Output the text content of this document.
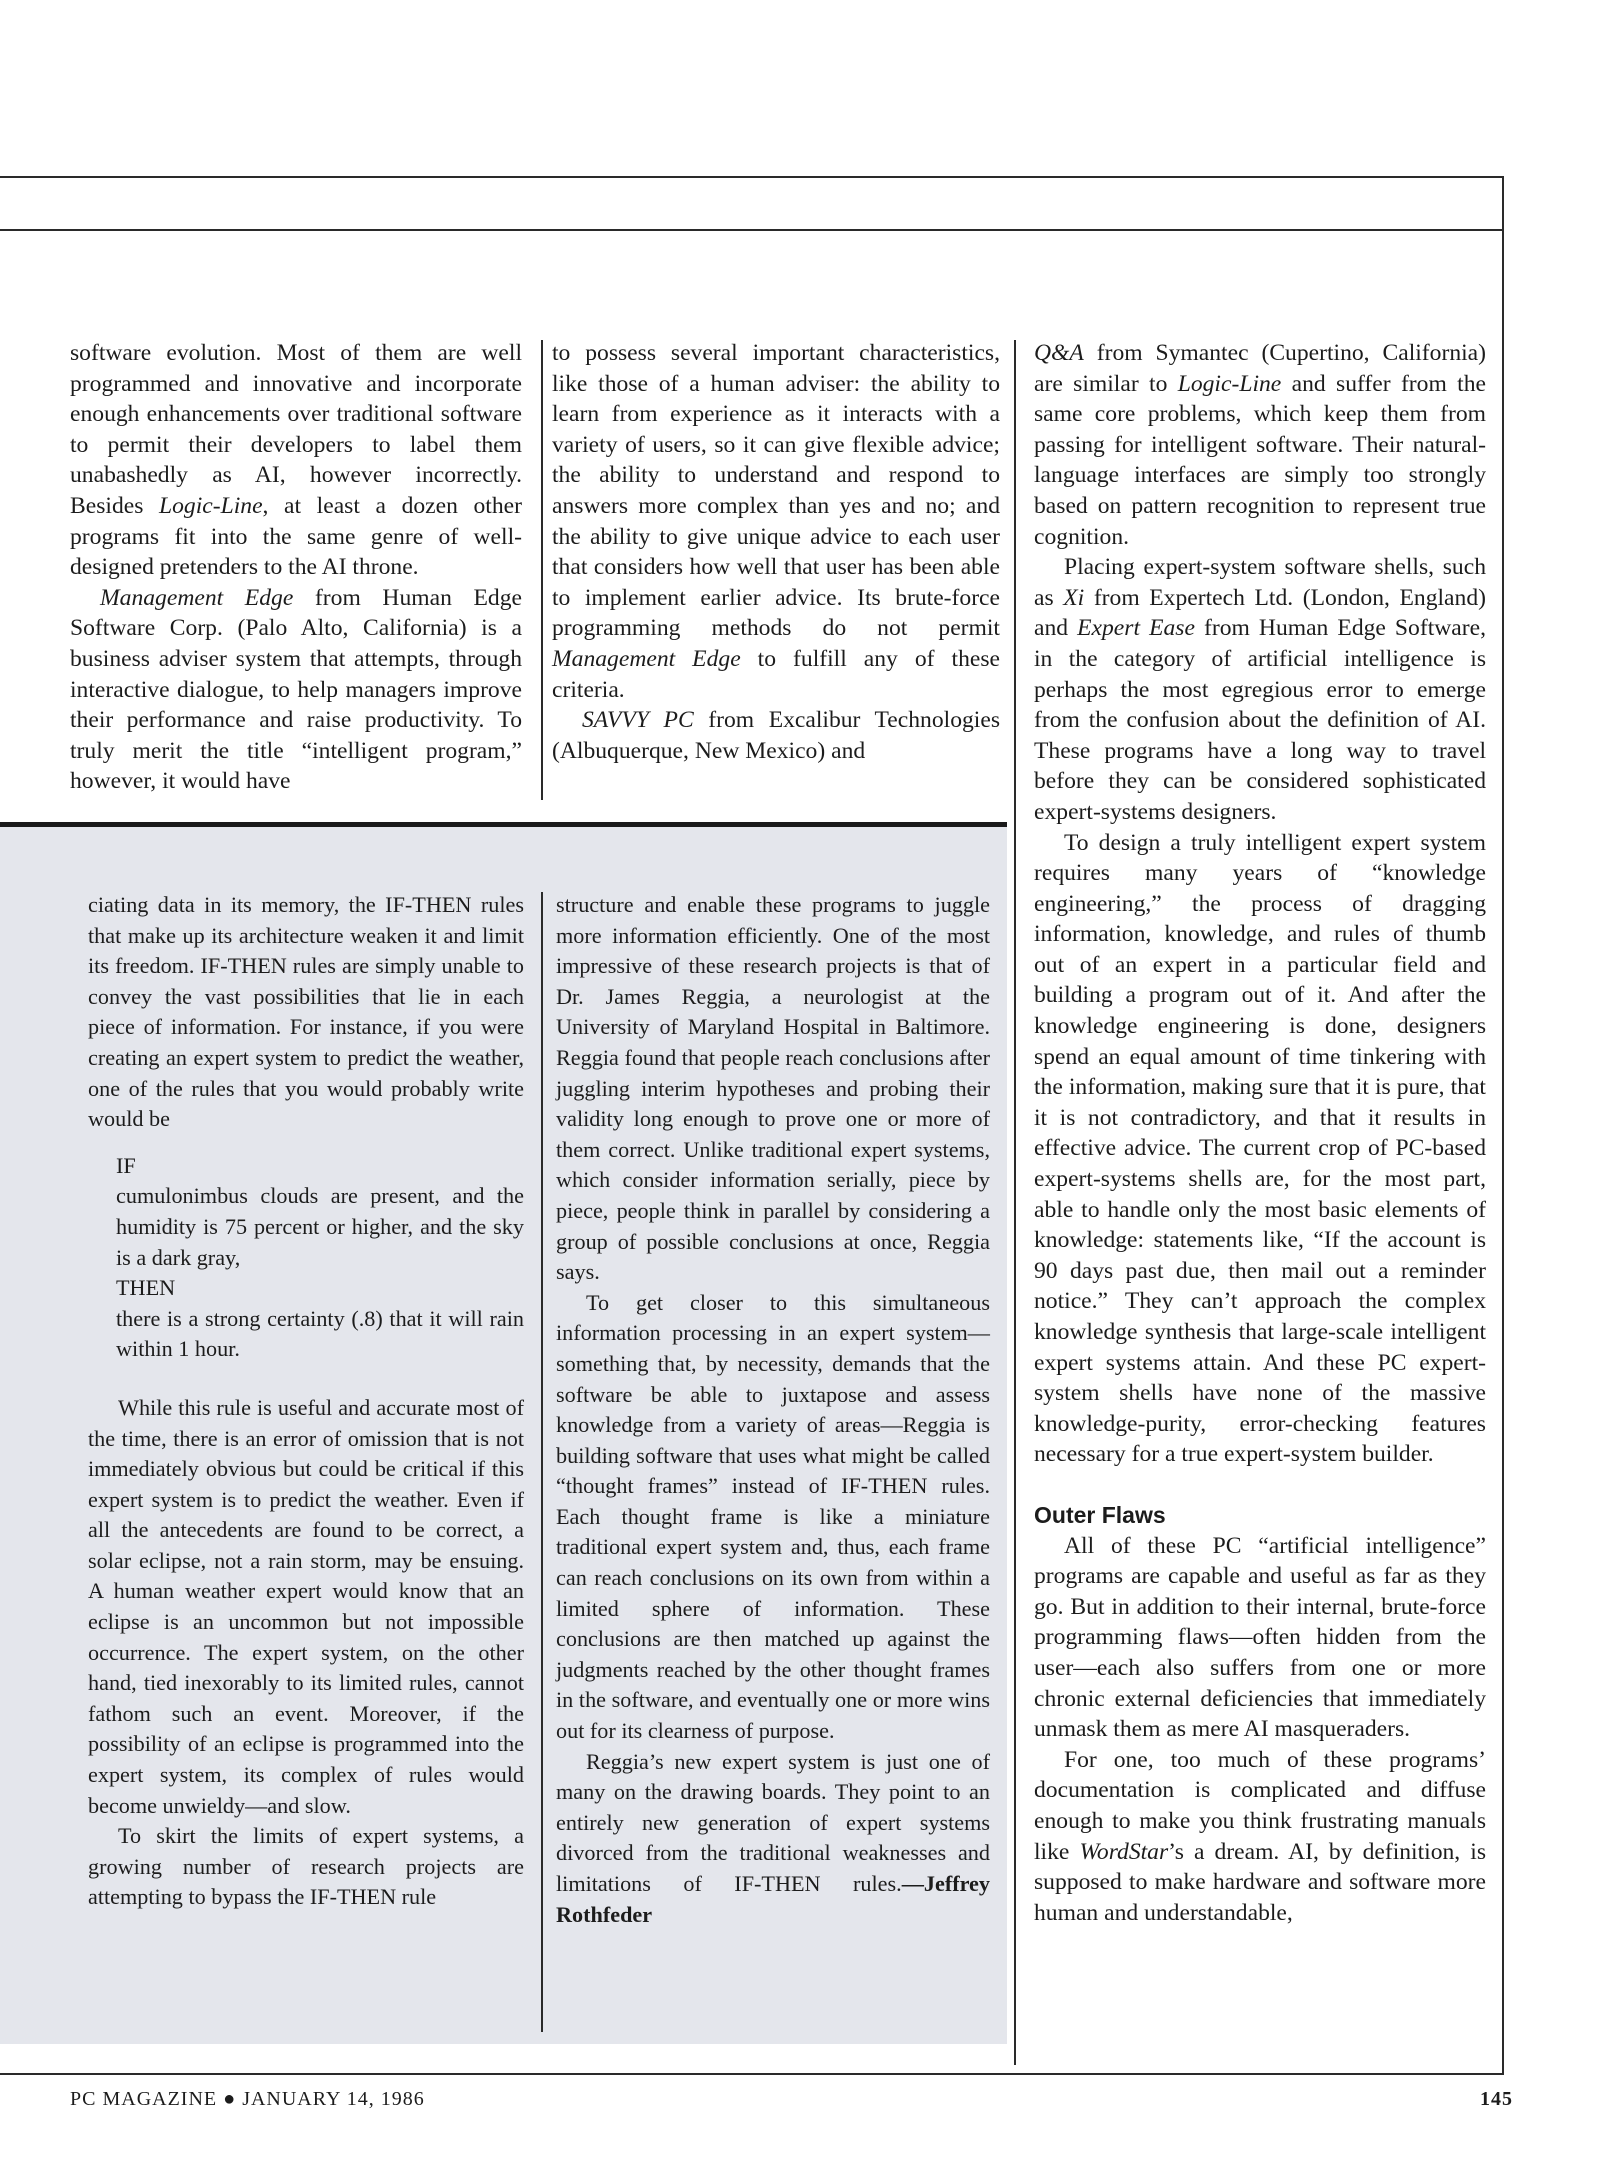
software evolution. Most of them are well programmed and innovative and incorporate enough enhancements over traditional software to permit their developers to label them unabashedly as AI, however incorrectly. Besides Logic-Line, at least a dozen other programs fit into the same genre of well-designed pretenders to the AI throne.

Management Edge from Human Edge Software Corp. (Palo Alto, California) is a business adviser system that attempts, through interactive dialogue, to help managers improve their performance and raise productivity. To truly merit the title “intelligent program,” however, it would have

to possess several important characteristics, like those of a human adviser: the ability to learn from experience as it interacts with a variety of users, so it can give flexible advice; the ability to understand and respond to answers more complex than yes and no; and the ability to give unique advice to each user that considers how well that user has been able to implement earlier advice. Its brute-force programming methods do not permit Management Edge to fulfill any of these criteria.

SAVVY PC from Excalibur Technologies (Albuquerque, New Mexico) and

ciating data in its memory, the IF-THEN rules that make up its architecture weaken it and limit its freedom. IF-THEN rules are simply unable to convey the vast possibilities that lie in each piece of information. For instance, if you were creating an expert system to predict the weather, one of the rules that you would probably write would be

IF
cumulonimbus clouds are present, and the humidity is 75 percent or higher, and the sky is a dark gray,
THEN
there is a strong certainty (.8) that it will rain within 1 hour.

While this rule is useful and accurate most of the time, there is an error of omission that is not immediately obvious but could be critical if this expert system is to predict the weather. Even if all the antecedents are found to be correct, a solar eclipse, not a rain storm, may be ensuing. A human weather expert would know that an eclipse is an uncommon but not impossible occurrence. The expert system, on the other hand, tied inexorably to its limited rules, cannot fathom such an event. Moreover, if the possibility of an eclipse is programmed into the expert system, its complex of rules would become unwieldy—and slow.

To skirt the limits of expert systems, a growing number of research projects are attempting to bypass the IF-THEN rule

structure and enable these programs to juggle more information efficiently. One of the most impressive of these research projects is that of Dr. James Reggia, a neurologist at the University of Maryland Hospital in Baltimore. Reggia found that people reach conclusions after juggling interim hypotheses and probing their validity long enough to prove one or more of them correct. Unlike traditional expert systems, which consider information serially, piece by piece, people think in parallel by considering a group of possible conclusions at once, Reggia says.

To get closer to this simultaneous information processing in an expert system—something that, by necessity, demands that the software be able to juxtapose and assess knowledge from a variety of areas—Reggia is building software that uses what might be called “thought frames” instead of IF-THEN rules. Each thought frame is like a miniature traditional expert system and, thus, each frame can reach conclusions on its own from within a limited sphere of information. These conclusions are then matched up against the judgments reached by the other thought frames in the software, and eventually one or more wins out for its clearness of purpose.

Reggia’s new expert system is just one of many on the drawing boards. They point to an entirely new generation of expert systems divorced from the traditional weaknesses and limitations of IF-THEN rules.—Jeffrey Rothfeder

Q&A from Symantec (Cupertino, California) are similar to Logic-Line and suffer from the same core problems, which keep them from passing for intelligent software. Their natural-language interfaces are simply too strongly based on pattern recognition to represent true cognition.

Placing expert-system software shells, such as Xi from Expertech Ltd. (London, England) and Expert Ease from Human Edge Software, in the category of artificial intelligence is perhaps the most egregious error to emerge from the confusion about the definition of AI. These programs have a long way to travel before they can be considered sophisticated expert-systems designers.

To design a truly intelligent expert system requires many years of “knowledge engineering,” the process of dragging information, knowledge, and rules of thumb out of an expert in a particular field and building a program out of it. And after the knowledge engineering is done, designers spend an equal amount of time tinkering with the information, making sure that it is pure, that it is not contradictory, and that it results in effective advice. The current crop of PC-based expert-systems shells are, for the most part, able to handle only the most basic elements of knowledge: statements like, “If the account is 90 days past due, then mail out a reminder notice.” They can’t approach the complex knowledge synthesis that large-scale intelligent expert systems attain. And these PC expert-system shells have none of the massive knowledge-purity, error-checking features necessary for a true expert-system builder.

Outer Flaws

All of these PC “artificial intelligence” programs are capable and useful as far as they go. But in addition to their internal, brute-force programming flaws—often hidden from the user—each also suffers from one or more chronic external deficiencies that immediately unmask them as mere AI masqueraders.

For one, too much of these programs’ documentation is complicated and diffuse enough to make you think frustrating manuals like WordStar’s a dream. AI, by definition, is supposed to make hardware and software more human and understandable,

PC MAGAZINE ● JANUARY 14, 1986	145
